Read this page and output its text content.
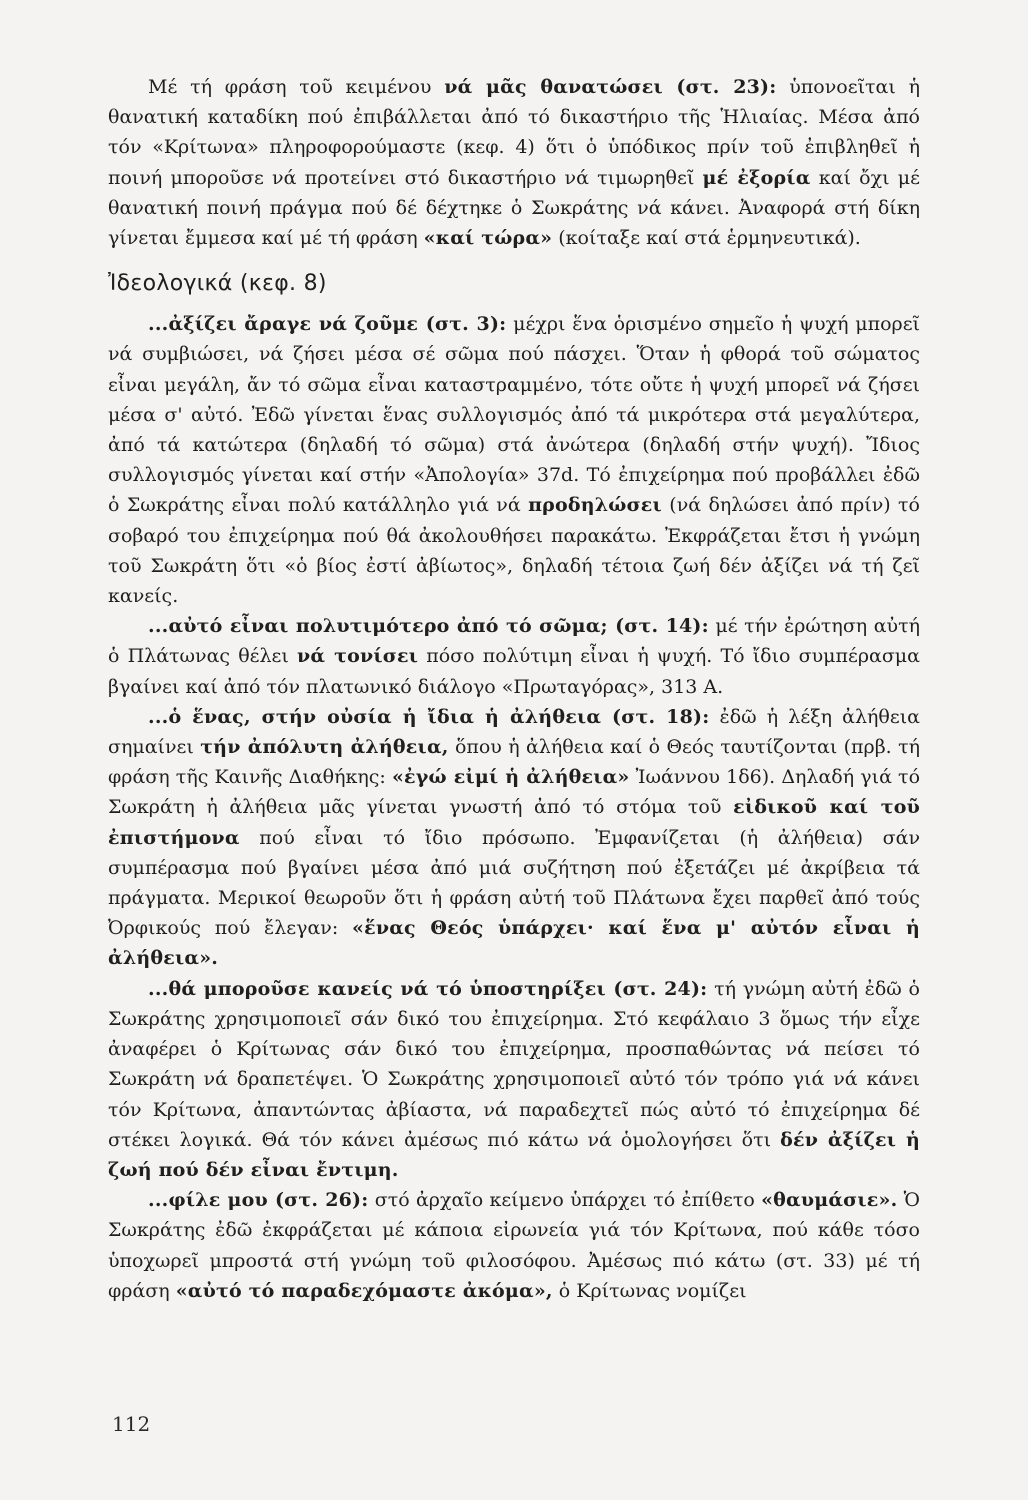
Μέ τή φράση τοῦ κειμένου νά μᾶς θανατώσει (στ. 23): ὑπονοεῖται ἡ θανατική καταδίκη πού ἐπιβάλλεται ἀπό τό δικαστήριο τῆς Ἡλιαίας. Μέσα ἀπό τόν «Κρίτωνα» πληροφορούμαστε (κεφ. 4) ὅτι ὁ ὑπόδικος πρίν τοῦ ἐπιβληθεῖ ἡ ποινή μποροῦσε νά προτείνει στό δικαστήριο νά τιμωρηθεῖ μέ ἐξορία καί ὄχι μέ θανατική ποινή πράγμα πού δέ δέχτηκε ὁ Σωκράτης νά κάνει. Ἀναφορά στή δίκη γίνεται ἔμμεσα καί μέ τή φράση «καί τώρα» (κοίταξε καί στά ἑρμηνευτικά).

Ἰδεολογικά (κεφ. 8)

...ἀξίζει ἄραγε νά ζοῦμε (στ. 3): μέχρι ἕνα ὁρισμένο σημεῖο ἡ ψυχή μπορεῖ νά συμβιώσει, νά ζήσει μέσα σέ σῶμα πού πάσχει. Ὅταν ἡ φθορά τοῦ σώματος εἶναι μεγάλη, ἄν τό σῶμα εἶναι καταστραμμένο, τότε οὔτε ἡ ψυχή μπορεῖ νά ζήσει μέσα σ' αὐτό. Ἐδῶ γίνεται ἕνας συλλογισμός ἀπό τά μικρότερα στά μεγαλύτερα, ἀπό τά κατώτερα (δηλαδή τό σῶμα) στά ἀνώτερα (δηλαδή στήν ψυχή). Ἴδιος συλλογισμός γίνεται καί στήν «Ἀπολογία» 37d. Τό ἐπιχείρημα πού προβάλλει ἐδῶ ὁ Σωκράτης εἶναι πολύ κατάλληλο γιά νά προδηλώσει (νά δηλώσει ἀπό πρίν) τό σοβαρό του ἐπιχείρημα πού θά ἀκολουθήσει παρακάτω. Ἐκφράζεται ἔτσι ἡ γνώμη τοῦ Σωκράτη ὅτι «ὁ βίος ἐστί ἀβίωτος», δηλαδή τέτοια ζωή δέν ἀξίζει νά τή ζεῖ κανείς.

...αὐτό εἶναι πολυτιμότερο ἀπό τό σῶμα; (στ. 14): μέ τήν ἐρώτηση αὐτή ὁ Πλάτωνας θέλει νά τονίσει πόσο πολύτιμη εἶναι ἡ ψυχή. Τό ἴδιο συμπέρασμα βγαίνει καί ἀπό τόν πλατωνικό διάλογο «Πρωταγόρας», 313 Α.

...ὁ ἕνας, στήν οὐσία ἡ ἴδια ἡ ἀλήθεια (στ. 18): ἐδῶ ἡ λέξη ἀλήθεια σημαίνει τήν ἀπόλυτη ἀλήθεια, ὅπου ἡ ἀλήθεια καί ὁ Θεός ταυτίζονται (πρβ. τή φράση τῆς Καινῆς Διαθήκης: «ἐγώ εἰμί ἡ ἀλήθεια» Ἰωάννου 1δ6). Δηλαδή γιά τό Σωκράτη ἡ ἀλήθεια μᾶς γίνεται γνωστή ἀπό τό στόμα τοῦ εἰδικοῦ καί τοῦ ἐπιστήμονα πού εἶναι τό ἴδιο πρόσωπο. Ἐμφανίζεται (ἡ ἀλήθεια) σάν συμπέρασμα πού βγαίνει μέσα ἀπό μιά συζήτηση πού ἐξετάζει μέ ἀκρίβεια τά πράγματα. Μερικοί θεωροῦν ὅτι ἡ φράση αὐτή τοῦ Πλάτωνα ἔχει παρθεῖ ἀπό τούς Ὀρφικούς πού ἔλεγαν: «ἕνας Θεός ὑπάρχει· καί ἕνα μ' αὐτόν εἶναι ἡ ἀλήθεια».

...θά μποροῦσε κανείς νά τό ὑποστηρίξει (στ. 24): τή γνώμη αὐτή ἐδῶ ὁ Σωκράτης χρησιμοποιεῖ σάν δικό του ἐπιχείρημα. Στό κεφάλαιο 3 ὅμως τήν εἶχε ἀναφέρει ὁ Κρίτωνας σάν δικό του ἐπιχείρημα, προσπαθώντας νά πείσει τό Σωκράτη νά δραπετέψει. Ὁ Σωκράτης χρησιμοποιεῖ αὐτό τόν τρόπο γιά νά κάνει τόν Κρίτωνα, ἀπαντώντας ἀβίαστα, νά παραδεχτεῖ πώς αὐτό τό ἐπιχείρημα δέ στέκει λογικά. Θά τόν κάνει ἀμέσως πιό κάτω νά ὁμολογήσει ὅτι δέν ἀξίζει ἡ ζωή πού δέν εἶναι ἔντιμη.

...φίλε μου (στ. 26): στό ἀρχαῖο κείμενο ὑπάρχει τό ἐπίθετο «θαυμάσιε». Ὁ Σωκράτης ἐδῶ ἐκφράζεται μέ κάποια εἰρωνεία γιά τόν Κρίτωνα, πού κάθε τόσο ὑποχωρεῖ μπροστά στή γνώμη τοῦ φιλοσόφου. Ἀμέσως πιό κάτω (στ. 33) μέ τή φράση «αὐτό τό παραδεχόμαστε ἀκόμα», ὁ Κρίτωνας νομίζει

112
